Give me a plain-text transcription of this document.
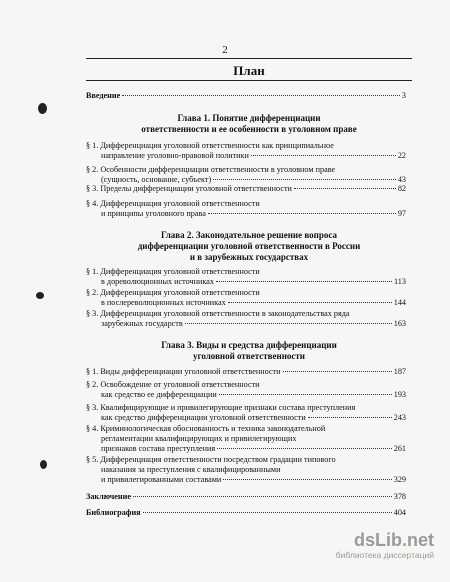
2
План
Введение	3
Глава 1. Понятие дифференциации
ответственности и ее особенности в уголовном праве
§ 1. Дифференциация уголовной ответственности как принципиальное
направление уголовно-правовой политики	22
§ 2. Особенности дифференциации ответственности в уголовном праве
(сущность, основание, субъект)	43
§ 3. Пределы дифференциации уголовной ответственности	82
§ 4. Дифференциация уголовной ответственности
и принципы уголовного права	97
Глава 2. Законодательное решение вопроса
дифференциации уголовной ответственности в России
и в зарубежных государствах
§ 1. Дифференциация уголовной ответственности
в дореволюционных источниках	113
§ 2. Дифференциация уголовной ответственности
в послереволюционных источниках	144
§ 3. Дифференциация уголовной ответственности в законодательствах ряда
зарубежных государств	163
Глава 3. Виды и средства дифференциации
уголовной ответственности
§ 1. Виды дифференциации уголовной ответственности	187
§ 2. Освобождение от уголовной ответственности
как средство ее дифференциации	193
§ 3. Квалифицирующие и привилегирующие признаки состава преступления
как средство дифференциации уголовной ответственности	243
§ 4. Криминологическая обоснованность и техника законодательной
регламентации квалифицирующих и привилегирующих
признаков состава преступления	261
§ 5. Дифференциация ответственности посредством градации типового
наказания за преступления с квалифицированными
и привилегированными составами	329
Заключение	378
Библиография	404
dsLib.net
библиотека диссертаций
